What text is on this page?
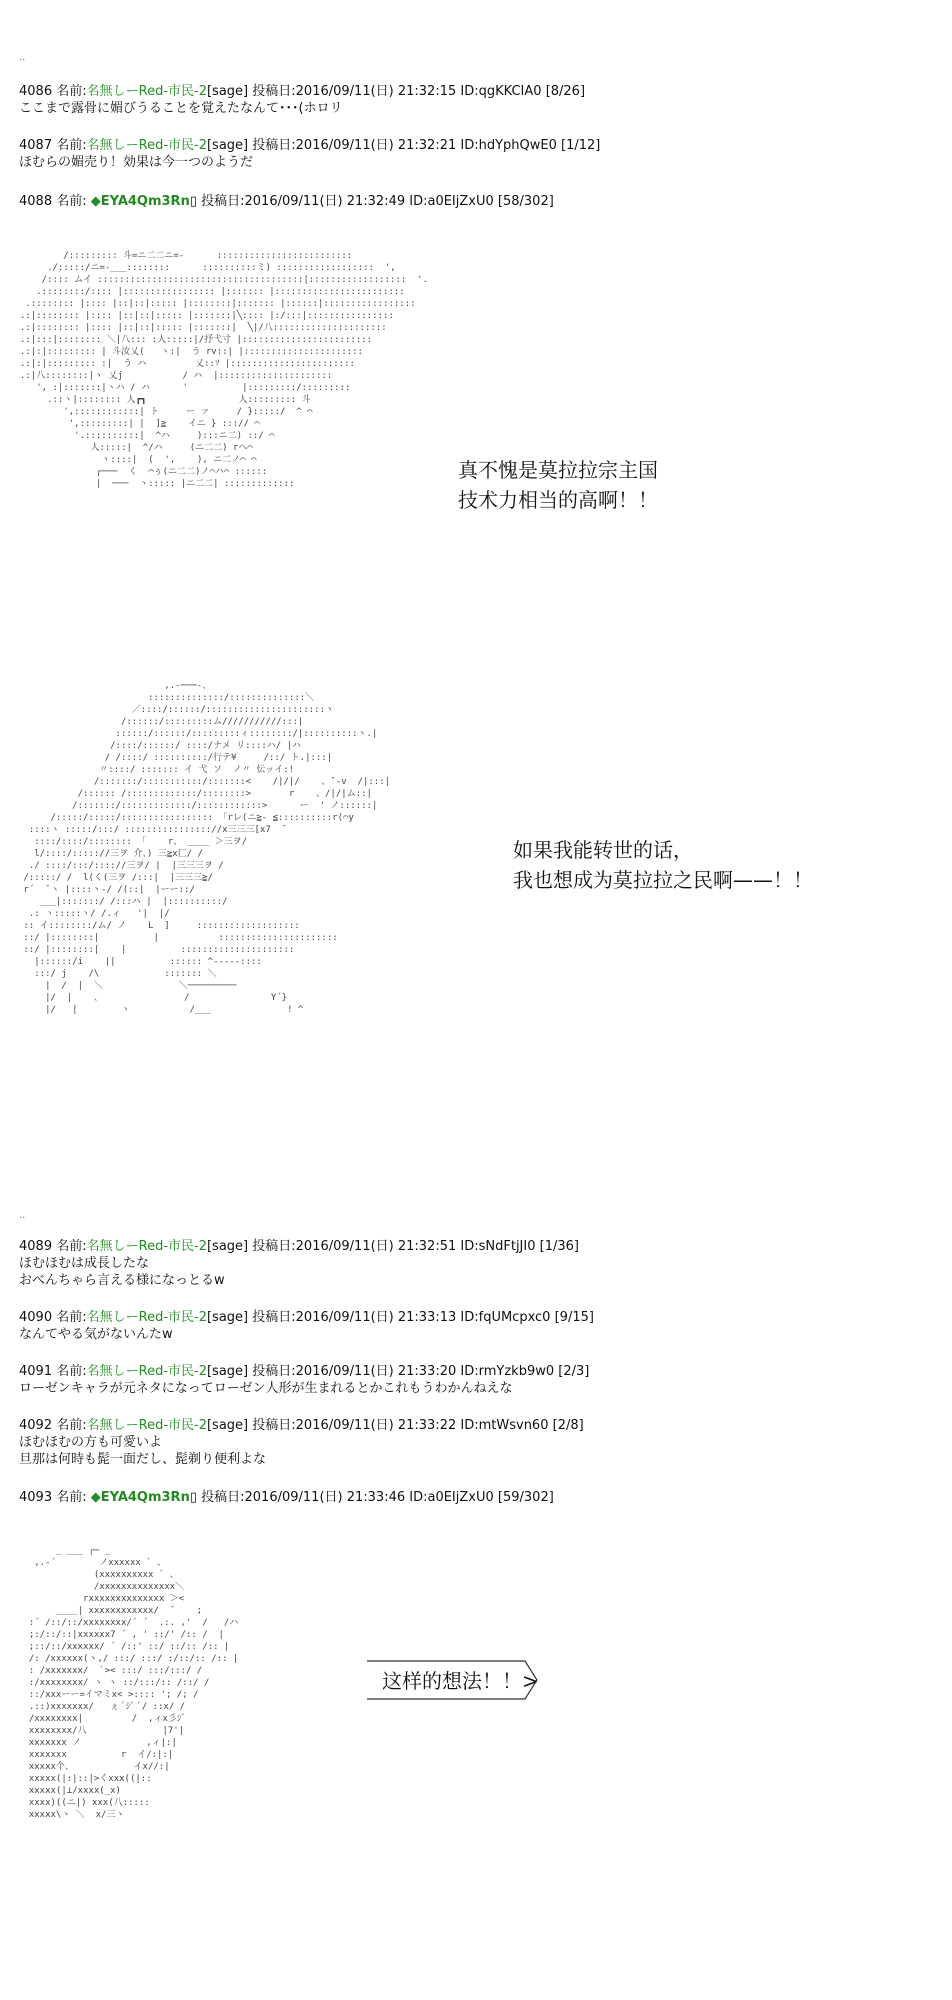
..
4086 名前:名無しーRed-市民-2[sage] 投稿日:2016/09/11(日) 21:32:15 ID:qgKKCIA0 [8/26]
ここまで露骨に媚びうることを覚えたなんて･･･(ホロリ
4087 名前:名無しーRed-市民-2[sage] 投稿日:2016/09/11(日) 21:32:21 ID:hdYphQwE0 [1/12]
ほむらの媚売り！効果は今一つのようだ
4088 名前: ◆EYA4Qm3Rn▯ 投稿日:2016/09/11(日) 21:32:49 ID:a0EIjZxU0 [58/302]
/::::::::: 斗=ニ二二ニ=-      :::::::::::::::::::::::::
./:::::/ニ=-___::::::::      ::::::::::ミ) ::::::::::::::::::  ',
/:::: ムイ ::::::::::::::::::::::::::::::::::::::|::::::::::::::::::  '.
.::::::::/:::: |::::::::::::::::: |::::::: |::::::::::::::::::::::::
.:::::::: |:::: |::|::|::::: |::::::::|::::::: |::::::|:::::::::::::::::
.:|:::::::: |:::: |::|::|::::: |:::::::|╲:::: |:/:::|::::::::::::::::
.:|:::::::: |:::: |::|::|::::: |:::::::|  ╲|/八:::::::::::::::::::::
.:|:::|:::::::: ＼|八::: :人:::::|/抒弋寸 |::::::::::::::::::::::::
.:|:|::::::::: | 斗汝乂(   ヽ:|  う rv::| |::::::::::::::::::::::
.:|:|::::::::: :|  う ハ         乂::ｿ |:::::::::::::::::::::::
.:|八::::::::|ヽ 乂j           / ハ  |:::::::::::::::::::::
', :|:::::::|ヽハ / ハ      '          |:::::::::/:::::::::
.::ヽ|:::::::: 人┏┓                 人::::::::: 斗
',::::::::::::| ト     ー ァ     / }:::::/  ^ ⌒
',:::::::::| |  ]≧    イニ } :::// ⌒
'.::::::::::|  ^ハ     ):::ニ二) ::/ ⌒
人:::::|  ^/ハ     (ニ二二) rヘ⌒
ヽ::::|  (  ',    ), ニ二ノ⌒ ⌒
┌───  く  ⌒ぅ(ニ二二)ノ⌒ハ⌒ ::::::
|  ───  ヽ::::: |ニ二二| :::::::::::::
真不愧是莫拉拉宗主国
技术力相当的高啊！！
,.-───-、
::::::::::::::/::::::::::::::＼
／::::/::::::/::::::::::::::::::::::ヽ
/::::::/:::::::::ム///////////:::|
::::::/::::::/:::::::::ィ::::::::/|::::::::::ヽ.|
/::::/::::::/ ::::/ナメ リ::::ハ/ |ハ
/ /::::/ ::::::::::/行テ¥     /::/ ト.|:::|
〃::::/ ::::::: イ 弋 ソ  ノ〃 伝ッイ:!
/:::::::/:::::::::::/:::::::<    /|/|/    、ˇ-v  /|:::|
/:::::: /:::::::::::::/::::::::>       r    、/|/|ム::|
/:::::::/:::::::::::::/::::::::::::>      ー  ' ノ::::::|
/:::::/:::::/::::::::::::::::: 「rレ(ニ≧- ≦::::::::::r(⌒y
::::ヽ :::::/:::/ :::::::::::::::://x三三三[x7  ̄
::::/::::/:::::::: 「    r、 ____ ＞三ヲ/
l/::::/::::://三ヲ 介、) 三≧x匚/ /
./ ::::/:::/:::://三ヲ/ |  |三三三ヲ /
/:::::/ /  l(く(三ヲ /:::|  |三三三≧/
r´  ̄ ヽ |::::ヽ-/ /(::|  |ーー::/
___|:::::::/ /:::ハ |  |::::::::::/
.: ヽ:::::ヽ/ /.ィ   '|  |/
:: イ::::::::/ム/ ノ    L  ]     :::::::::::::::::::
::/ |::::::::|          |           ::::::::::::::::::::::
::/ |::::::::|    |          :::::::::::::::::::::
|::::::/i    ||          :::::: ^-----::::
:::/ j    /\            ::::::: ＼
|  /  |  ＼              ＼─────────
|/  |    、               /               Y´}
|/   |        ヽ           /___              ! ^
如果我能转世的话，
我也想成为莫拉拉之民啊——！！
..
4089 名前:名無しーRed-市民-2[sage] 投稿日:2016/09/11(日) 21:32:51 ID:sNdFtjJI0 [1/36]
ほむほむは成長したな
おべんちゃら言える様になっとるw
4090 名前:名無しーRed-市民-2[sage] 投稿日:2016/09/11(日) 21:33:13 ID:fqUMcpxc0 [9/15]
なんてやる気がないんたw
4091 名前:名無しーRed-市民-2[sage] 投稿日:2016/09/11(日) 21:33:20 ID:rmYzkb9w0 [2/3]
ローゼンキャラが元ネタになってローゼン人形が生まれるとかこれもうわかんねえな
4092 名前:名無しーRed-市民-2[sage] 投稿日:2016/09/11(日) 21:33:22 ID:mtWsvn60 [2/8]
ほむほむの方も可愛いよ
旦那は何時も髭一面だし、髭剃り便利よな
4093 名前: ◆EYA4Qm3Rn▯ 投稿日:2016/09/11(日) 21:33:46 ID:a0EIjZxU0 [59/302]
_ ___ ┌─ _
,.-´        ノxxxxxx ` 、
(xxxxxxxxxx ` 、
/xxxxxxxxxxxxxx＼
rxxxxxxxxxxxxxx ＞<
____| xxxxxxxxxxxx/  ̄     ;
:´ /::/::/xxxxxxxx/´ ´  .:. ,'  /   /ハ
;:/::/::|xxxxxx7 ´ , ' ::/' /:: /  |
;::/::/xxxxxx/ ´ /::' ::/ ::/:: /:: |
/: /xxxxxx(ヽ,/ :::/ :::/ :/::/:: /:: |
: /xxxxxxx/  `>< :::/ :::/:::/ /
:/xxxxxxxx/ ヽ ヽ ::/:::/:: /::/ /
::/xxxーー=イマミx< >:::: '; /; /
.::)xxxxxxx/   ぇ ﾞｼﾞ ﾞ/ ::x/ /
/xxxxxxxx|         /  ,ィx彡ｼﾞ
xxxxxxxx/八              |7'|
xxxxxxx ノ            ,ィ|:|
xxxxxxx          r  イ/:|:|
xxxxx个、           イx//:|
xxxxx(|:|::|>くxxx((|::
xxxxx(|⊥/xxxx(_x)
xxxx)((ニ|) xxx(八:::::
xxxxx\ヽ ＼  x/三ヽ
这样的想法！！>
